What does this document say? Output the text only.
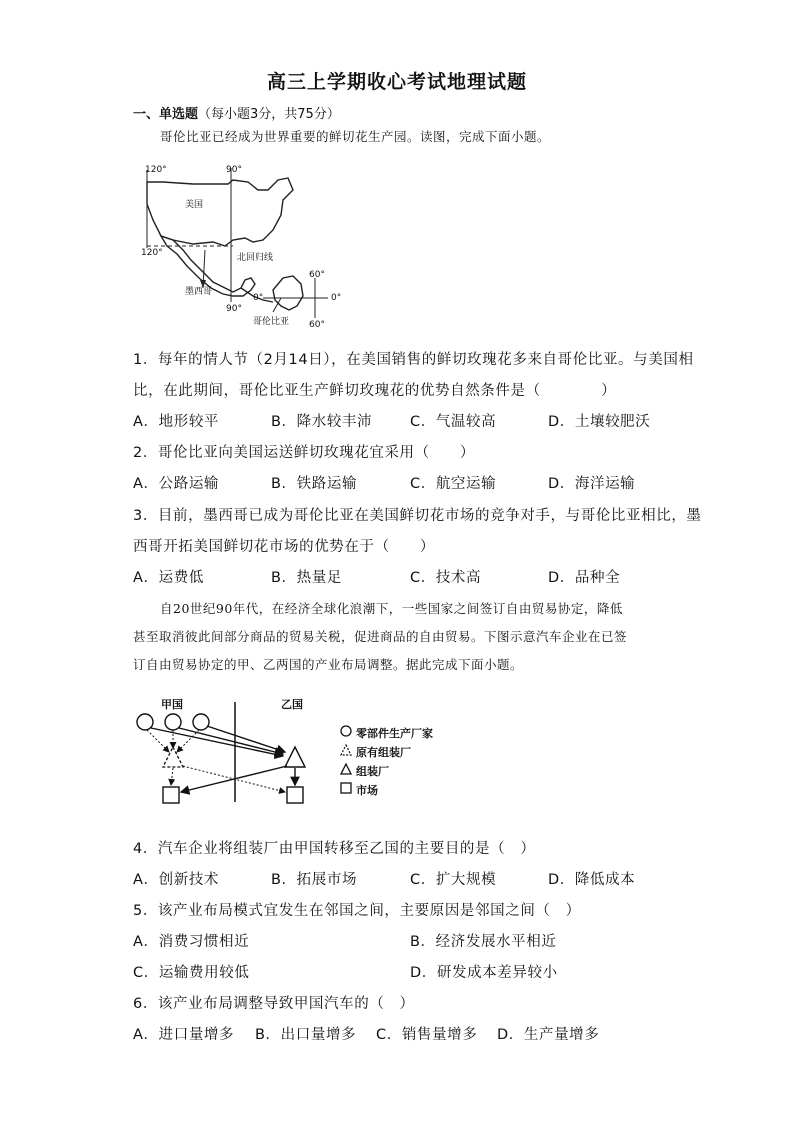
高三上学期收心考试地理试题
一、单选题（每小题3分，共75分）
哥伦比亚已经成为世界重要的鲜切花生产园。读图，完成下面小题。
120°	90°
美国
120°	北回归线
墨西哥
90°
60°
0°	0°
哥伦比亚 60°
1．每年的情人节（2月14日），在美国销售的鲜切玫瑰花多来自哥伦比亚。与美国相
比，在此期间，哥伦比亚生产鲜切玫瑰花的优势自然条件是（　　　　）
A．地形较平	B．降水较丰沛	C．气温较高	D．土壤较肥沃
2．哥伦比亚向美国运送鲜切玫瑰花宜采用（　　）
A．公路运输	B．铁路运输	C．航空运输	D．海洋运输
3．目前，墨西哥已成为哥伦比亚在美国鲜切花市场的竞争对手，与哥伦比亚相比，墨
西哥开拓美国鲜切花市场的优势在于（　　）
A．运费低	B．热量足	C．技术高	D．品种全
自20世纪90年代，在经济全球化浪潮下，一些国家之间签订自由贸易协定，降低
甚至取消彼此间部分商品的贸易关税，促进商品的自由贸易。下图示意汽车企业在已签
订自由贸易协定的甲、乙两国的产业布局调整。据此完成下面小题。
甲国	乙国
零部件生产厂家
原有组装厂
组装厂
市场
4．汽车企业将组装厂由甲国转移至乙国的主要目的是（　）
A．创新技术	B．拓展市场	C．扩大规模	D．降低成本
5．该产业布局模式宜发生在邻国之间，主要原因是邻国之间（　）
A．消费习惯相近	B．经济发展水平相近
C．运输费用较低	D．研发成本差异较小
6．该产业布局调整导致甲国汽车的（　）
A．进口量增多 B．出口量增多 C．销售量增多 D．生产量增多
